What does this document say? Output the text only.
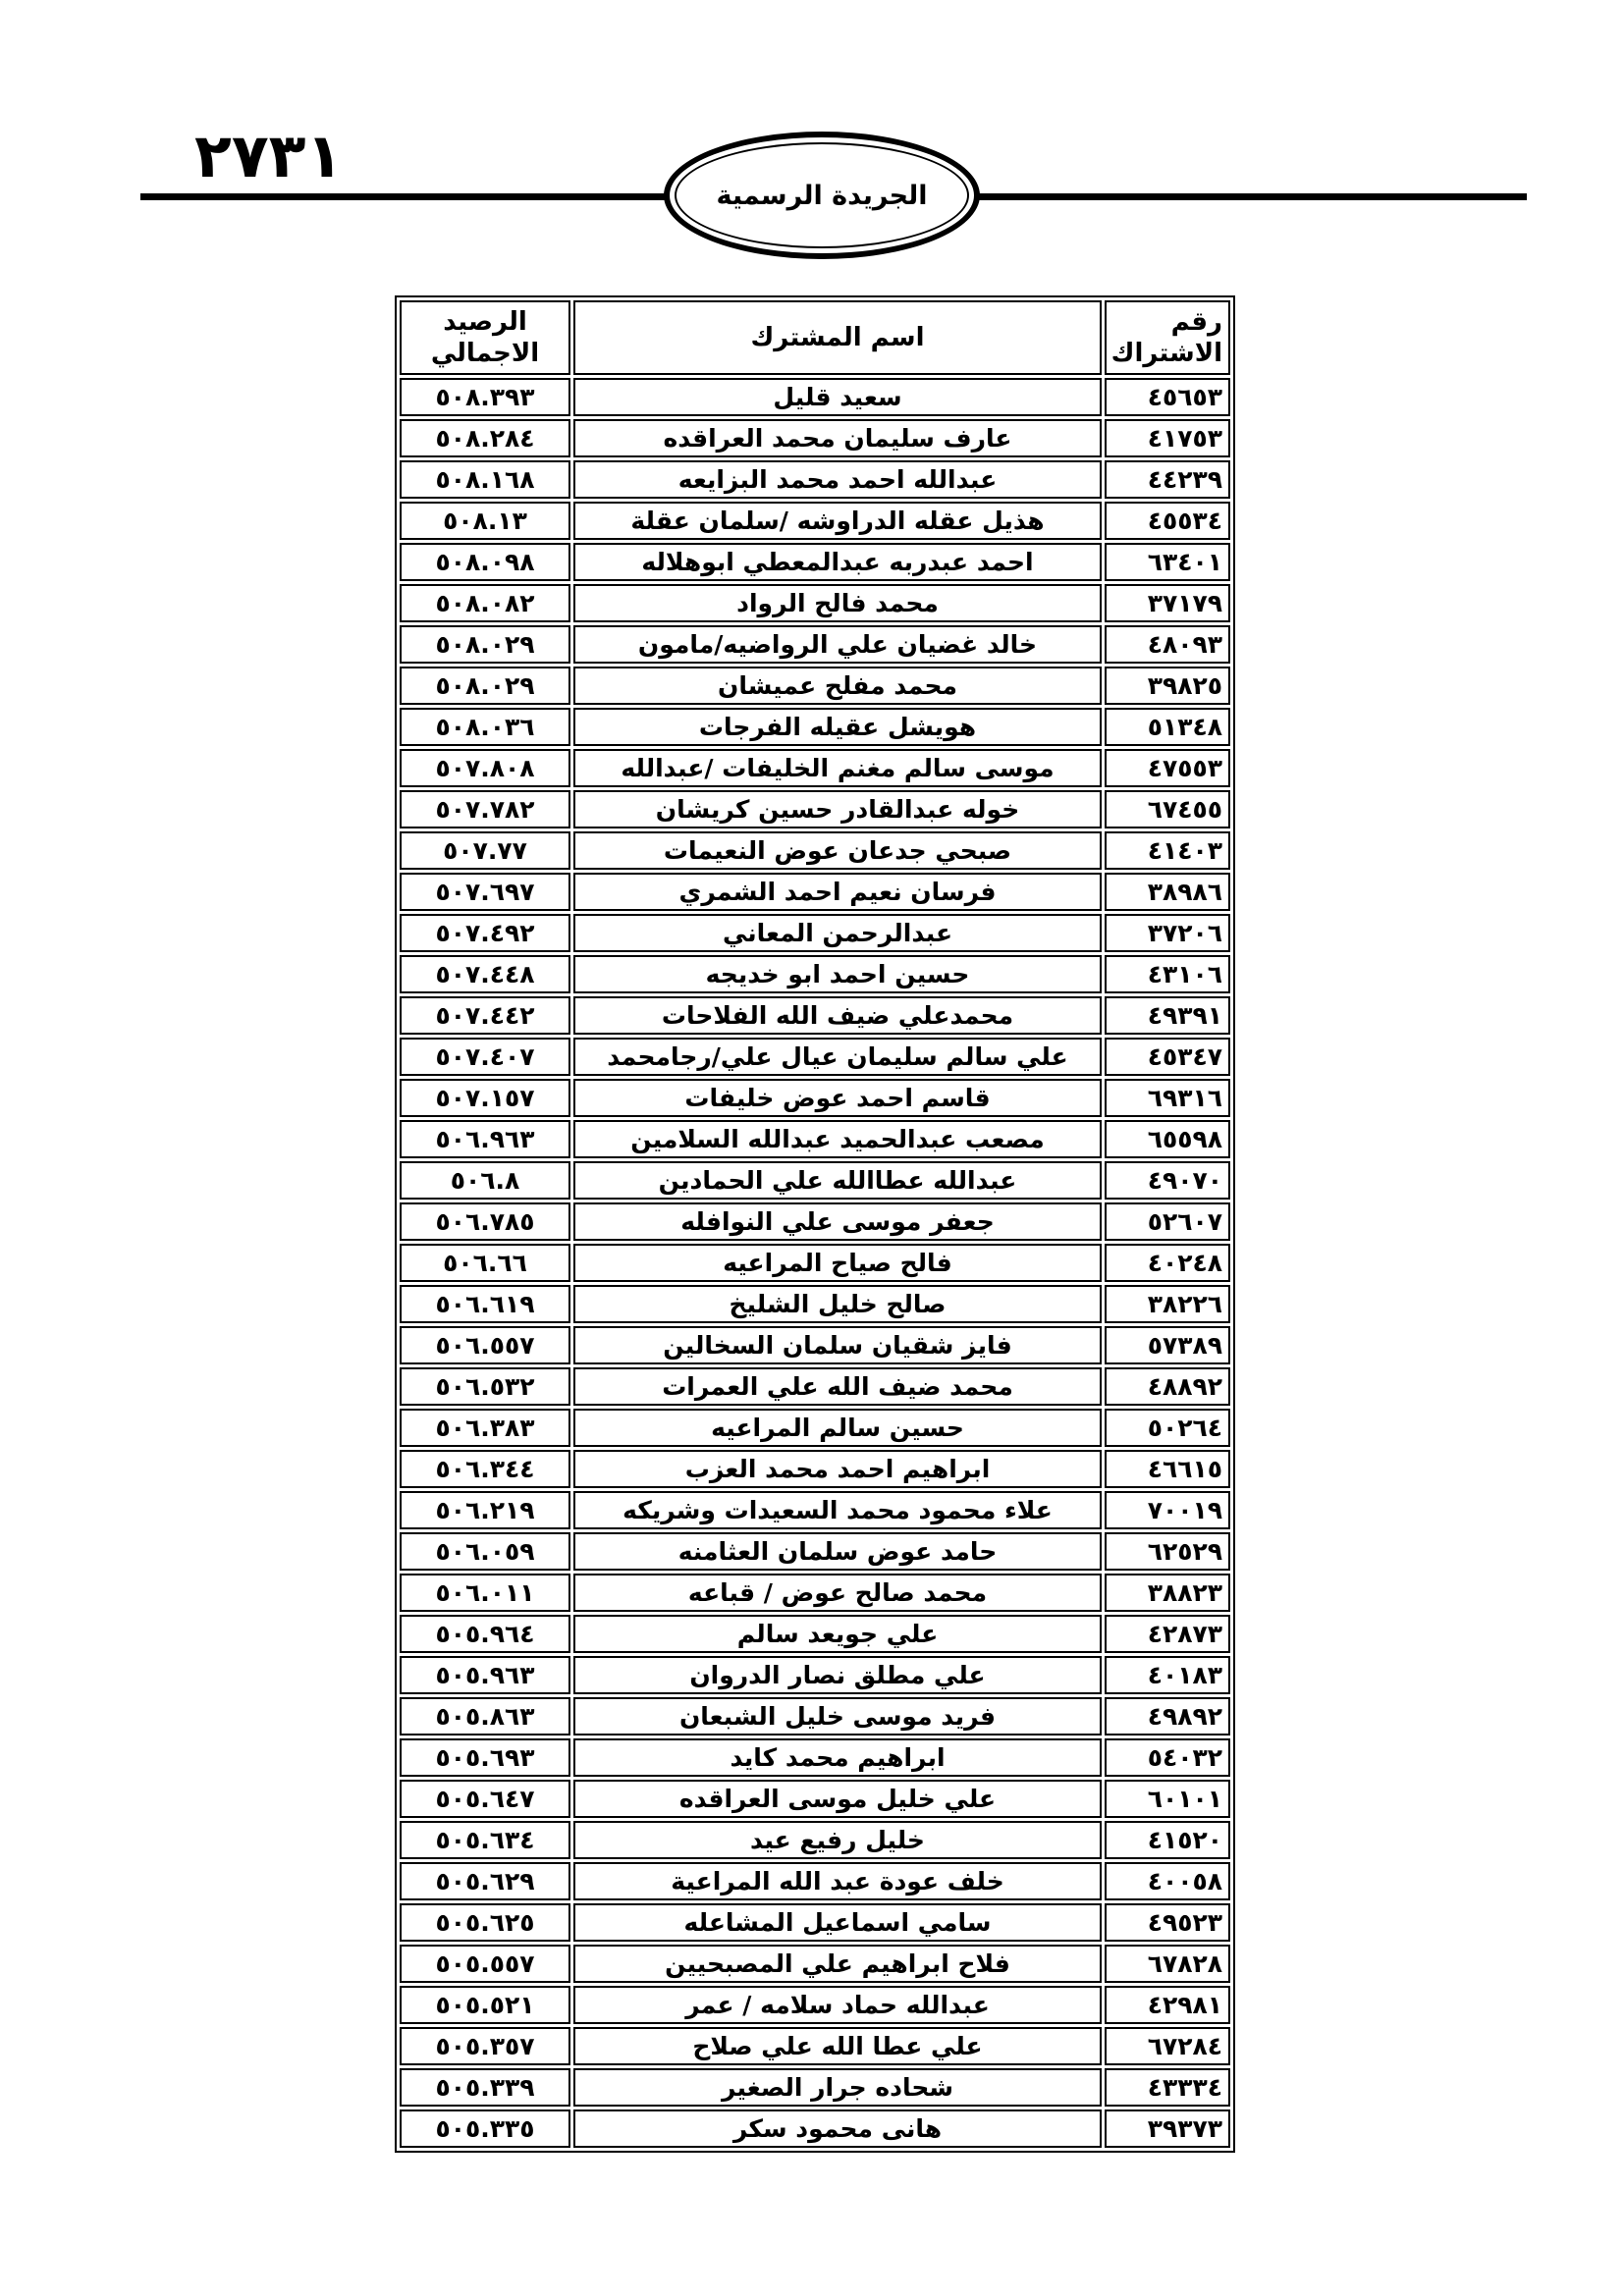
٢٧٣١
الجريدة الرسمية
رقم الاشتراك	اسم المشترك	الرصيد الاجمالي
٤٥٦٥٣	سعيد قليل	٥٠٨.٣٩٣
٤١٧٥٣	عارف سليمان محمد العراقده	٥٠٨.٢٨٤
٤٤٢٣٩	عبدالله احمد محمد البزايعه	٥٠٨.١٦٨
٤٥٥٣٤	هذيل عقله الدراوشه /سلمان عقلة	٥٠٨.١٣
٦٣٤٠١	احمد عبدربه عبدالمعطي ابوهلاله	٥٠٨.٠٩٨
٣٧١٧٩	محمد فالح الرواد	٥٠٨.٠٨٢
٤٨٠٩٣	خالد غضيان علي الرواضيه/مامون	٥٠٨.٠٢٩
٣٩٨٢٥	محمد مفلح عميشان	٥٠٨.٠٢٩
٥١٣٤٨	هويشل عقيله الفرجات	٥٠٨.٠٣٦
٤٧٥٥٣	موسى سالم مغنم الخليفات /عبدالله	٥٠٧.٨٠٨
٦٧٤٥٥	خوله عبدالقادر حسين كريشان	٥٠٧.٧٨٢
٤١٤٠٣	صبحي جدعان عوض النعيمات	٥٠٧.٧٧
٣٨٩٨٦	فرسان نعيم احمد الشمري	٥٠٧.٦٩٧
٣٧٢٠٦	عبدالرحمن المعاني	٥٠٧.٤٩٢
٤٣١٠٦	حسين احمد ابو خديجه	٥٠٧.٤٤٨
٤٩٣٩١	محمدعلي ضيف الله الفلاحات	٥٠٧.٤٤٢
٤٥٣٤٧	علي سالم سليمان عيال علي/رجامحمد	٥٠٧.٤٠٧
٦٩٣١٦	قاسم احمد عوض خليفات	٥٠٧.١٥٧
٦٥٥٩٨	مصعب عبدالحميد عبدالله السلامين	٥٠٦.٩٦٣
٤٩٠٧٠	عبدالله عطاالله علي الحمادين	٥٠٦.٨
٥٢٦٠٧	جعفر موسى علي النوافله	٥٠٦.٧٨٥
٤٠٢٤٨	فالح صياح المراعيه	٥٠٦.٦٦
٣٨٢٢٦	صالح خليل الشليخ	٥٠٦.٦١٩
٥٧٣٨٩	فايز شقيان سلمان السخالين	٥٠٦.٥٥٧
٤٨٨٩٢	محمد ضيف الله علي العمرات	٥٠٦.٥٣٢
٥٠٢٦٤	حسين سالم المراعيه	٥٠٦.٣٨٣
٤٦٦١٥	ابراهيم احمد محمد العزب	٥٠٦.٣٤٤
٧٠٠١٩	علاء محمود محمد السعيدات وشريكه	٥٠٦.٢١٩
٦٢٥٢٩	حامد عوض سلمان العثامنه	٥٠٦.٠٥٩
٣٨٨٢٣	محمد صالح عوض / قباعه	٥٠٦.٠١١
٤٢٨٧٣	علي جويعد سالم	٥٠٥.٩٦٤
٤٠١٨٣	علي مطلق نصار الدروان	٥٠٥.٩٦٣
٤٩٨٩٢	فريد موسى خليل الشبعان	٥٠٥.٨٦٣
٥٤٠٣٢	ابراهيم محمد كايد	٥٠٥.٦٩٣
٦٠١٠١	علي خليل موسى العراقده	٥٠٥.٦٤٧
٤١٥٢٠	خليل رفيع عيد	٥٠٥.٦٣٤
٤٠٠٥٨	خلف عودة عبد الله المراعية	٥٠٥.٦٢٩
٤٩٥٢٣	سامي اسماعيل المشاعله	٥٠٥.٦٢٥
٦٧٨٢٨	فلاح ابراهيم علي المصبحيين	٥٠٥.٥٥٧
٤٢٩٨١	عبدالله حماد سلامه / عمر	٥٠٥.٥٢١
٦٧٢٨٤	علي عطا الله علي صلاح	٥٠٥.٣٥٧
٤٣٣٣٤	شحاده جرار الصغير	٥٠٥.٣٣٩
٣٩٣٧٣	هانى محمود سكر	٥٠٥.٣٣٥
